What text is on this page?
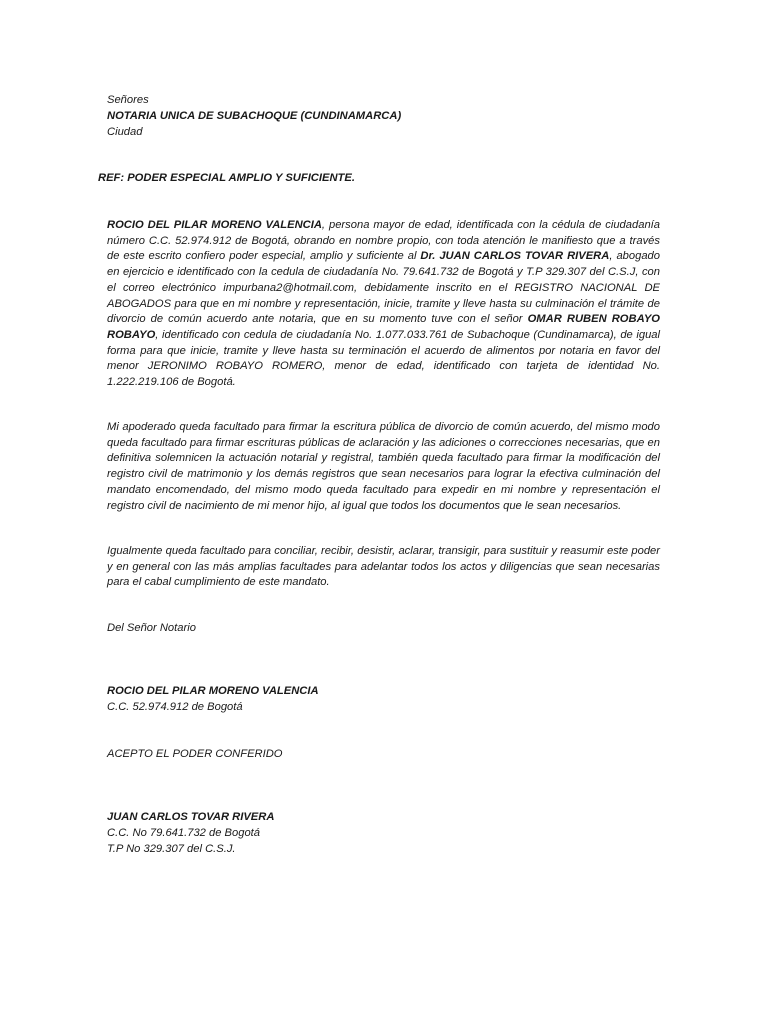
Señores
NOTARIA UNICA DE SUBACHOQUE (CUNDINAMARCA)
Ciudad
REF: PODER ESPECIAL AMPLIO Y SUFICIENTE.
ROCIO DEL PILAR MORENO VALENCIA, persona mayor de edad, identificada con la cédula de ciudadanía número C.C. 52.974.912 de Bogotá, obrando en nombre propio, con toda atención le manifiesto que a través de este escrito confiero poder especial, amplio y suficiente al Dr. JUAN CARLOS TOVAR RIVERA, abogado en ejercicio e identificado con la cedula de ciudadanía No. 79.641.732 de Bogotá y T.P 329.307 del C.S.J, con el correo electrónico impurbana2@hotmail.com, debidamente inscrito en el REGISTRO NACIONAL DE ABOGADOS para que en mi nombre y representación, inicie, tramite y lleve hasta su culminación el trámite de divorcio de común acuerdo ante notaria, que en su momento tuve con el señor OMAR RUBEN ROBAYO ROBAYO, identificado con cedula de ciudadanía No. 1.077.033.761 de Subachoque (Cundinamarca), de igual forma para que inicie, tramite y lleve hasta su terminación el acuerdo de alimentos por notaria en favor del menor JERONIMO ROBAYO ROMERO, menor de edad, identificado con tarjeta de identidad No. 1.222.219.106 de Bogotá.
Mi apoderado queda facultado para firmar la escritura pública de divorcio de común acuerdo, del mismo modo queda facultado para firmar escrituras públicas de aclaración y las adiciones o correcciones necesarias, que en definitiva solemnicen la actuación notarial y registral, también queda facultado para firmar la modificación del registro civil de matrimonio y los demás registros que sean necesarios para lograr la efectiva culminación del mandato encomendado, del mismo modo queda facultado para expedir en mi nombre y representación el registro civil de nacimiento de mi menor hijo, al igual que todos los documentos que le sean necesarios.
Igualmente queda facultado para conciliar, recibir, desistir, aclarar, transigir, para sustituir y reasumir este poder y en general con las más amplias facultades para adelantar todos los actos y diligencias que sean necesarias para el cabal cumplimiento de este mandato.
Del Señor Notario
ROCIO DEL PILAR MORENO VALENCIA
C.C. 52.974.912 de Bogotá
ACEPTO EL PODER CONFERIDO
JUAN CARLOS TOVAR RIVERA
C.C. No 79.641.732 de Bogotá
T.P No 329.307 del C.S.J.
